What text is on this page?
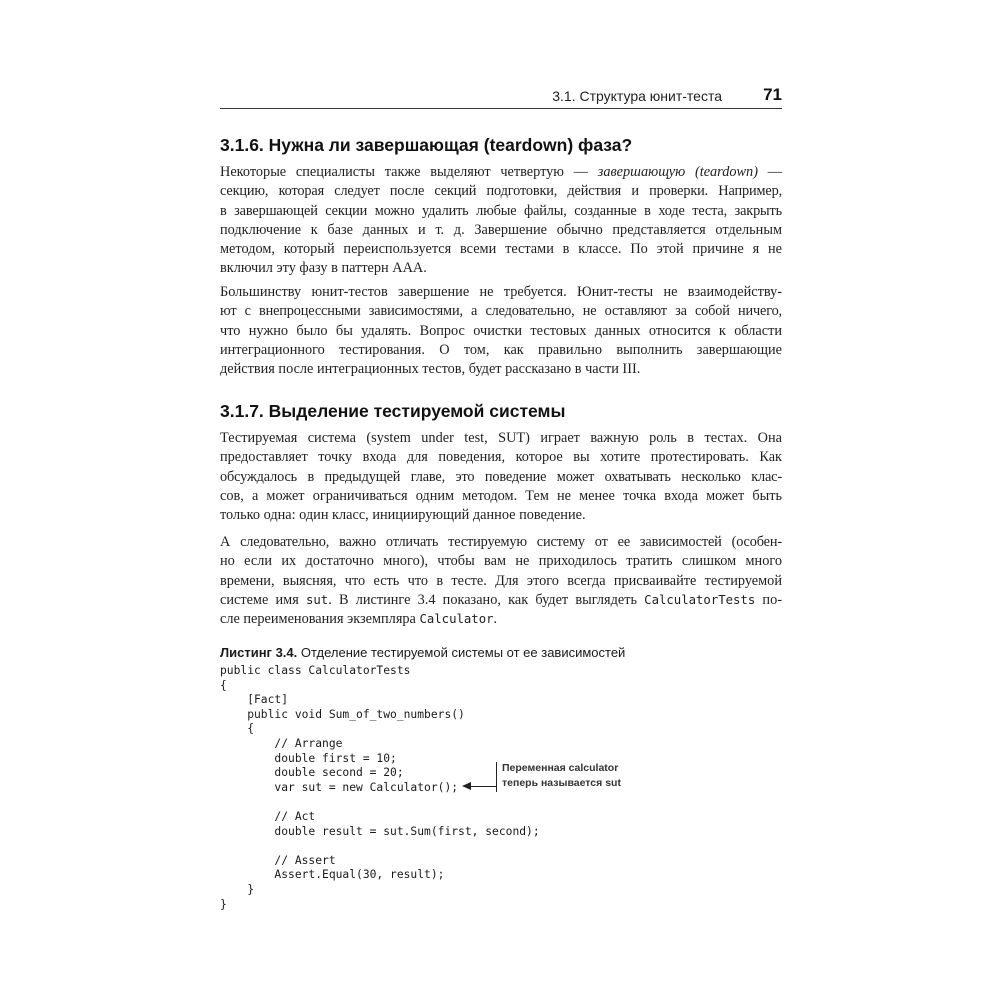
3.1. Структура юнит-теста 71
3.1.6. Нужна ли завершающая (teardown) фаза?
Некоторые специалисты также выделяют четвертую — завершающую (teardown) —
секцию, которая следует после секций подготовки, действия и проверки. Например,
в завершающей секции можно удалить любые файлы, созданные в ходе теста, закрыть
подключение к базе данных и т. д. Завершение обычно представляется отдельным
методом, который переиспользуется всеми тестами в классе. По этой причине я не
включил эту фазу в паттерн AAA.
Большинству юнит-тестов завершение не требуется. Юнит-тесты не взаимодейству-
ют с внепроцессными зависимостями, а следовательно, не оставляют за собой ничего,
что нужно было бы удалять. Вопрос очистки тестовых данных относится к области
интеграционного тестирования. О том, как правильно выполнить завершающие
действия после интеграционных тестов, будет рассказано в части III.
3.1.7. Выделение тестируемой системы
Тестируемая система (system under test, SUT) играет важную роль в тестах. Она
предоставляет точку входа для поведения, которое вы хотите протестировать. Как
обсуждалось в предыдущей главе, это поведение может охватывать несколько клас-
сов, а может ограничиваться одним методом. Тем не менее точка входа может быть
только одна: один класс, инициирующий данное поведение.
А следовательно, важно отличать тестируемую систему от ее зависимостей (особен-
но если их достаточно много), чтобы вам не приходилось тратить слишком много
времени, выясняя, что есть что в тесте. Для этого всегда присваивайте тестируемой
системе имя sut. В листинге 3.4 показано, как будет выглядеть CalculatorTests по-
сле переименования экземпляра Calculator.
Листинг 3.4. Отделение тестируемой системы от ее зависимостей
public class CalculatorTests
{
[Fact]
public void Sum_of_two_numbers()
{
// Arrange
double first = 10;
double second = 20;
var sut = new Calculator();
// Act
double result = sut.Sum(first, second);
// Assert
Assert.Equal(30, result);
}
}
Переменная calculator
теперь называется sut
